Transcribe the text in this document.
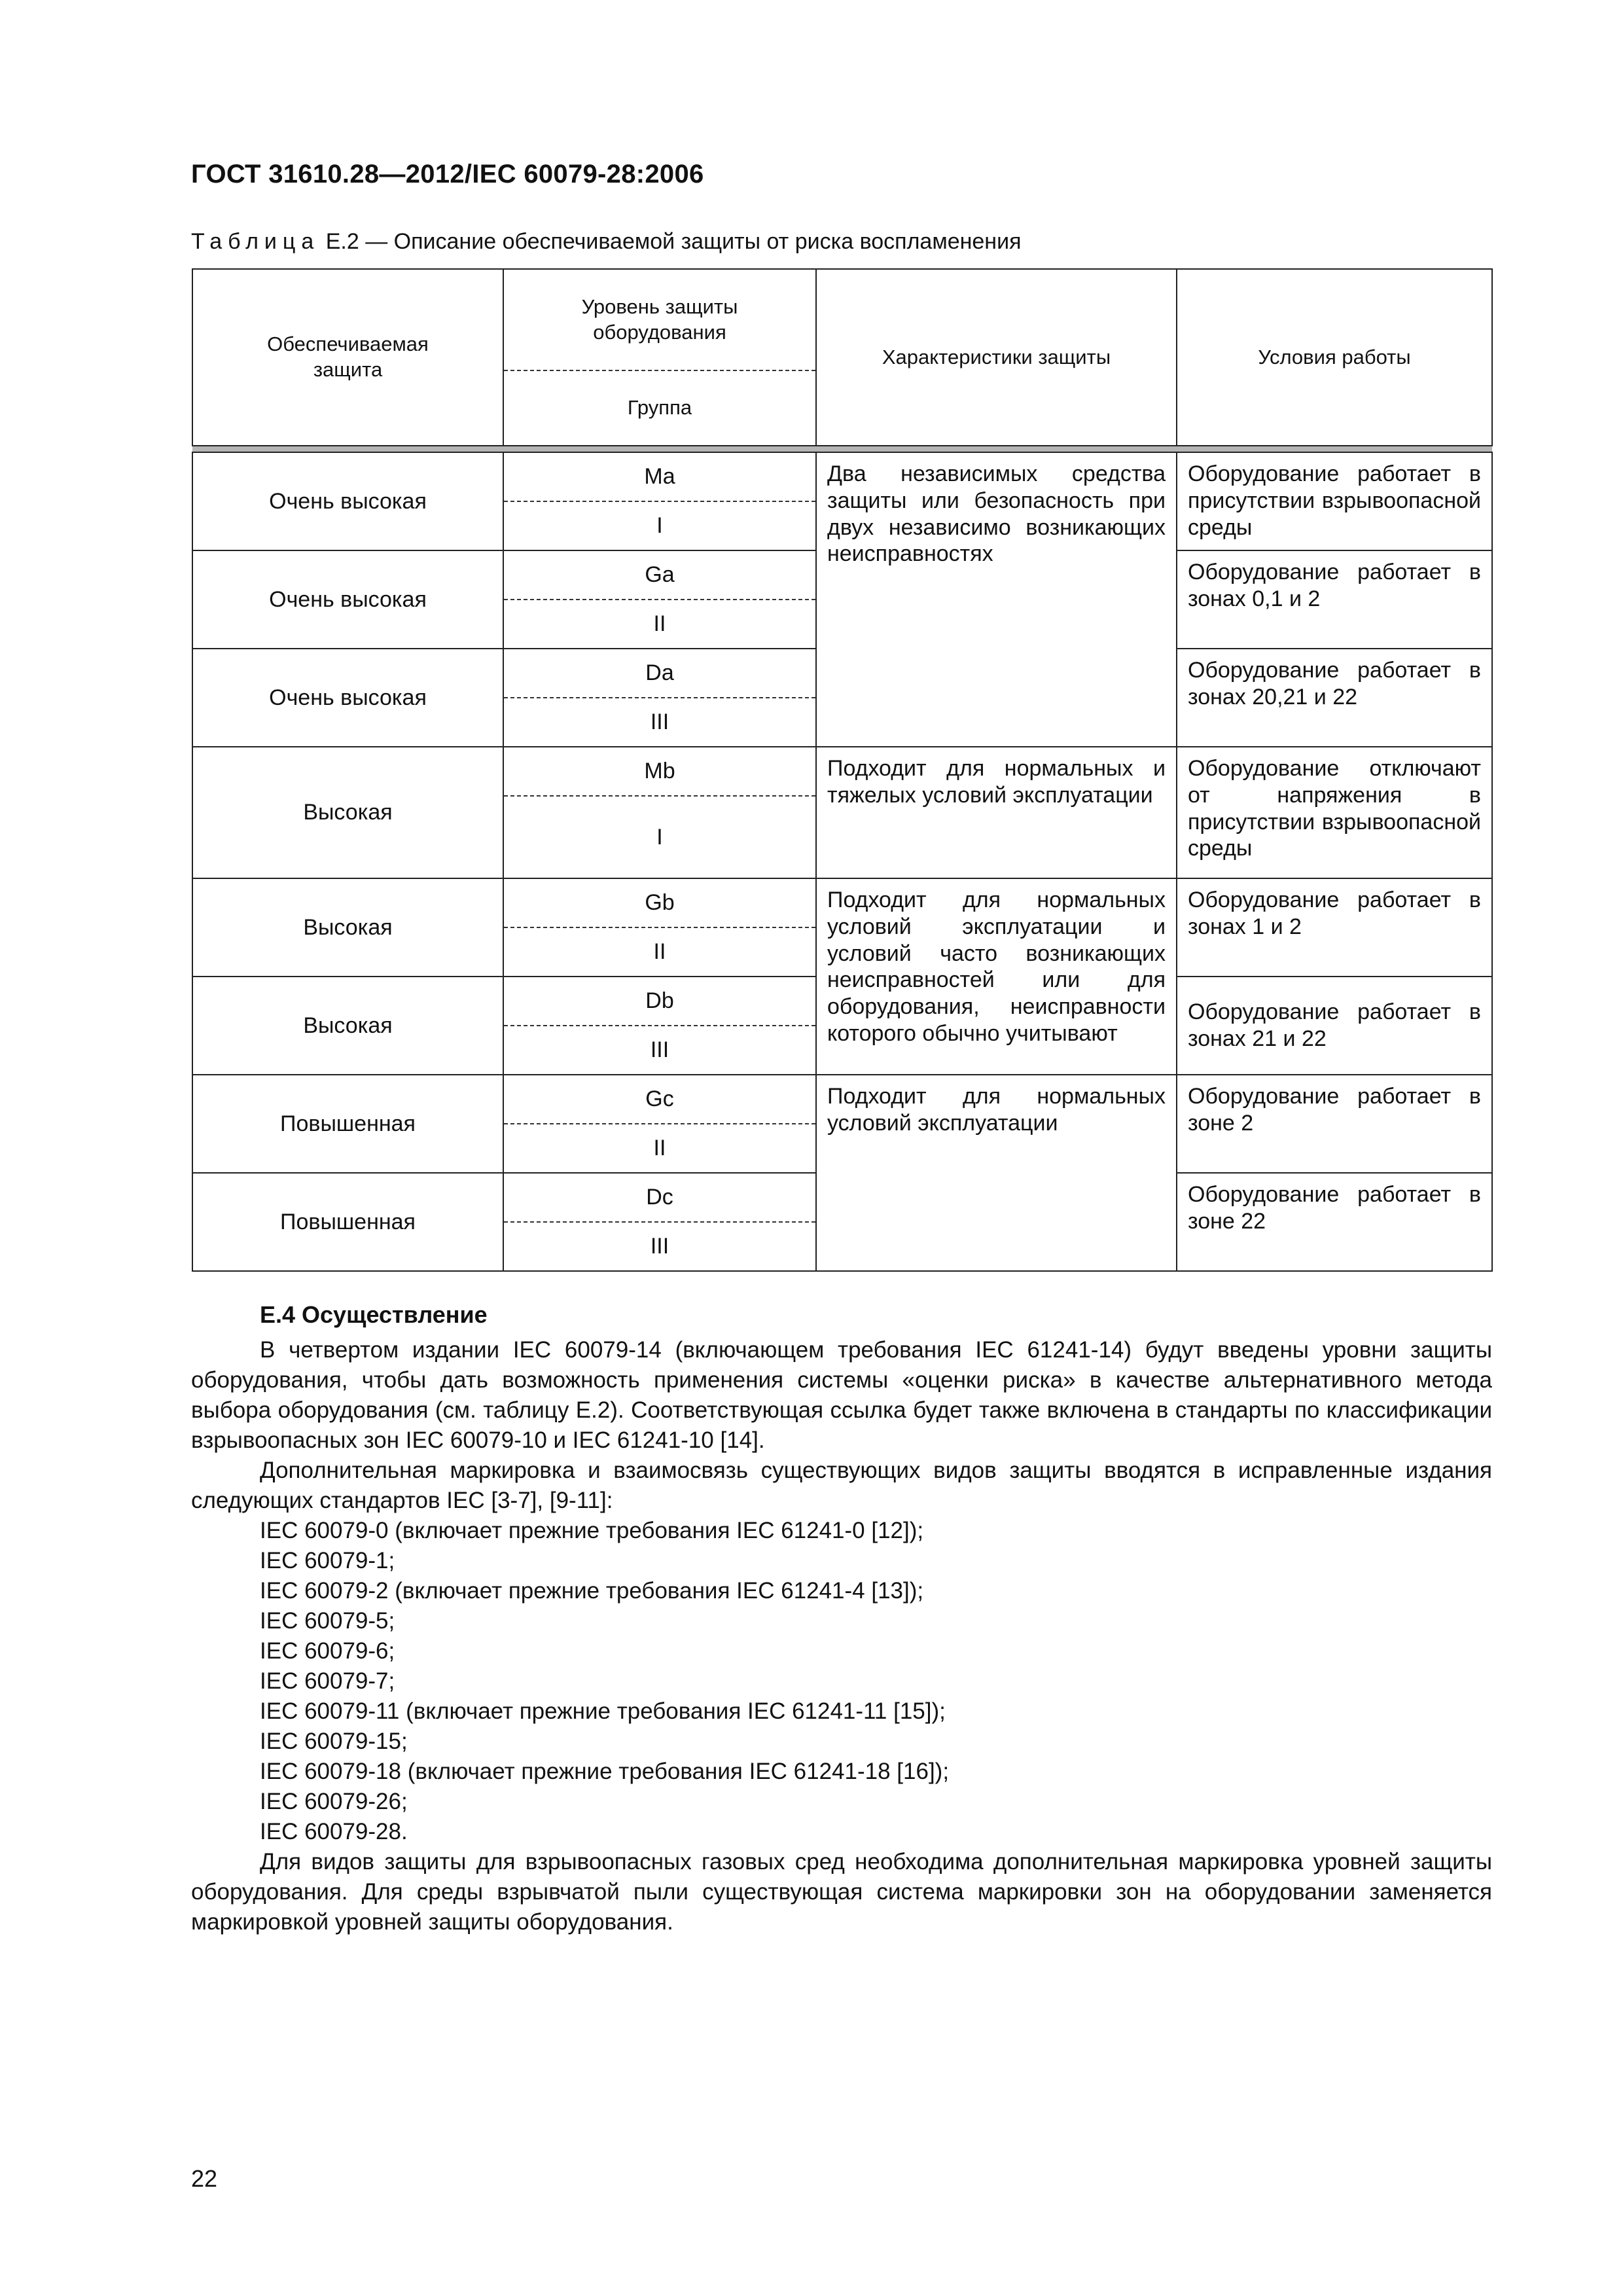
ГОСТ 31610.28—2012/IEC 60079-28:2006
Таблица Е.2 — Описание обеспечиваемой защиты от риска воспламенения
Обеспечиваемая защита	Уровень защиты оборудования	Характеристики защиты	Условия работы
	Группа		

Очень высокая	Ma	Два независимых средства защиты или безопасность при двух независимо возникающих неисправностях	Оборудование работает в присутствии взрывоопасной среды
	I		
Очень высокая	Ga		Оборудование работает в зонах 0,1 и 2
	II		
Очень высокая	Da		Оборудование работает в зонах 20,21 и 22
	III		
Высокая	Mb	Подходит для нормальных и тяжелых условий эксплуатации	Оборудование отключают от напряжения в присутствии взрывоопасной среды
	I		
Высокая	Gb	Подходит для нормальных условий эксплуатации и условий часто возникающих неисправностей или для оборудования, неисправности которого обычно учитывают	Оборудование работает в зонах 1 и 2
	II		
Высокая	Db		Оборудование работает в зонах 21 и 22
	III		
Повышенная	Gc	Подходит для нормальных условий эксплуатации	Оборудование работает в зоне 2
	II		
Повышенная	Dc		Оборудование работает в зоне 22
	III		
Е.4 Осуществление

В четвертом издании IEC 60079-14 (включающем требования IEC 61241-14) будут введены уровни защиты оборудования, чтобы дать возможность применения системы «оценки риска» в качестве альтернативного метода выбора оборудования (см. таблицу Е.2). Соответствующая ссылка будет также включена в стандарты по классификации взрывоопасных зон IEC 60079-10 и IEC 61241-10 [14].

Дополнительная маркировка и взаимосвязь существующих видов защиты вводятся в исправленные издания следующих стандартов IEC [3-7], [9-11]:

IEC 60079-0 (включает прежние требования IEC 61241-0 [12]);
IEC 60079-1;
IEC 60079-2 (включает прежние требования IEC 61241-4 [13]);
IEC 60079-5;
IEC 60079-6;
IEC 60079-7;
IEC 60079-11 (включает прежние требования IEC 61241-11 [15]);
IEC 60079-15;
IEC 60079-18 (включает прежние требования IEC 61241-18 [16]);
IEC 60079-26;
IEC 60079-28.

Для видов защиты для взрывоопасных газовых сред необходима дополнительная маркировка уровней защиты оборудования. Для среды взрывчатой пыли существующая система маркировки зон на оборудовании заменяется маркировкой уровней защиты оборудования.

22
